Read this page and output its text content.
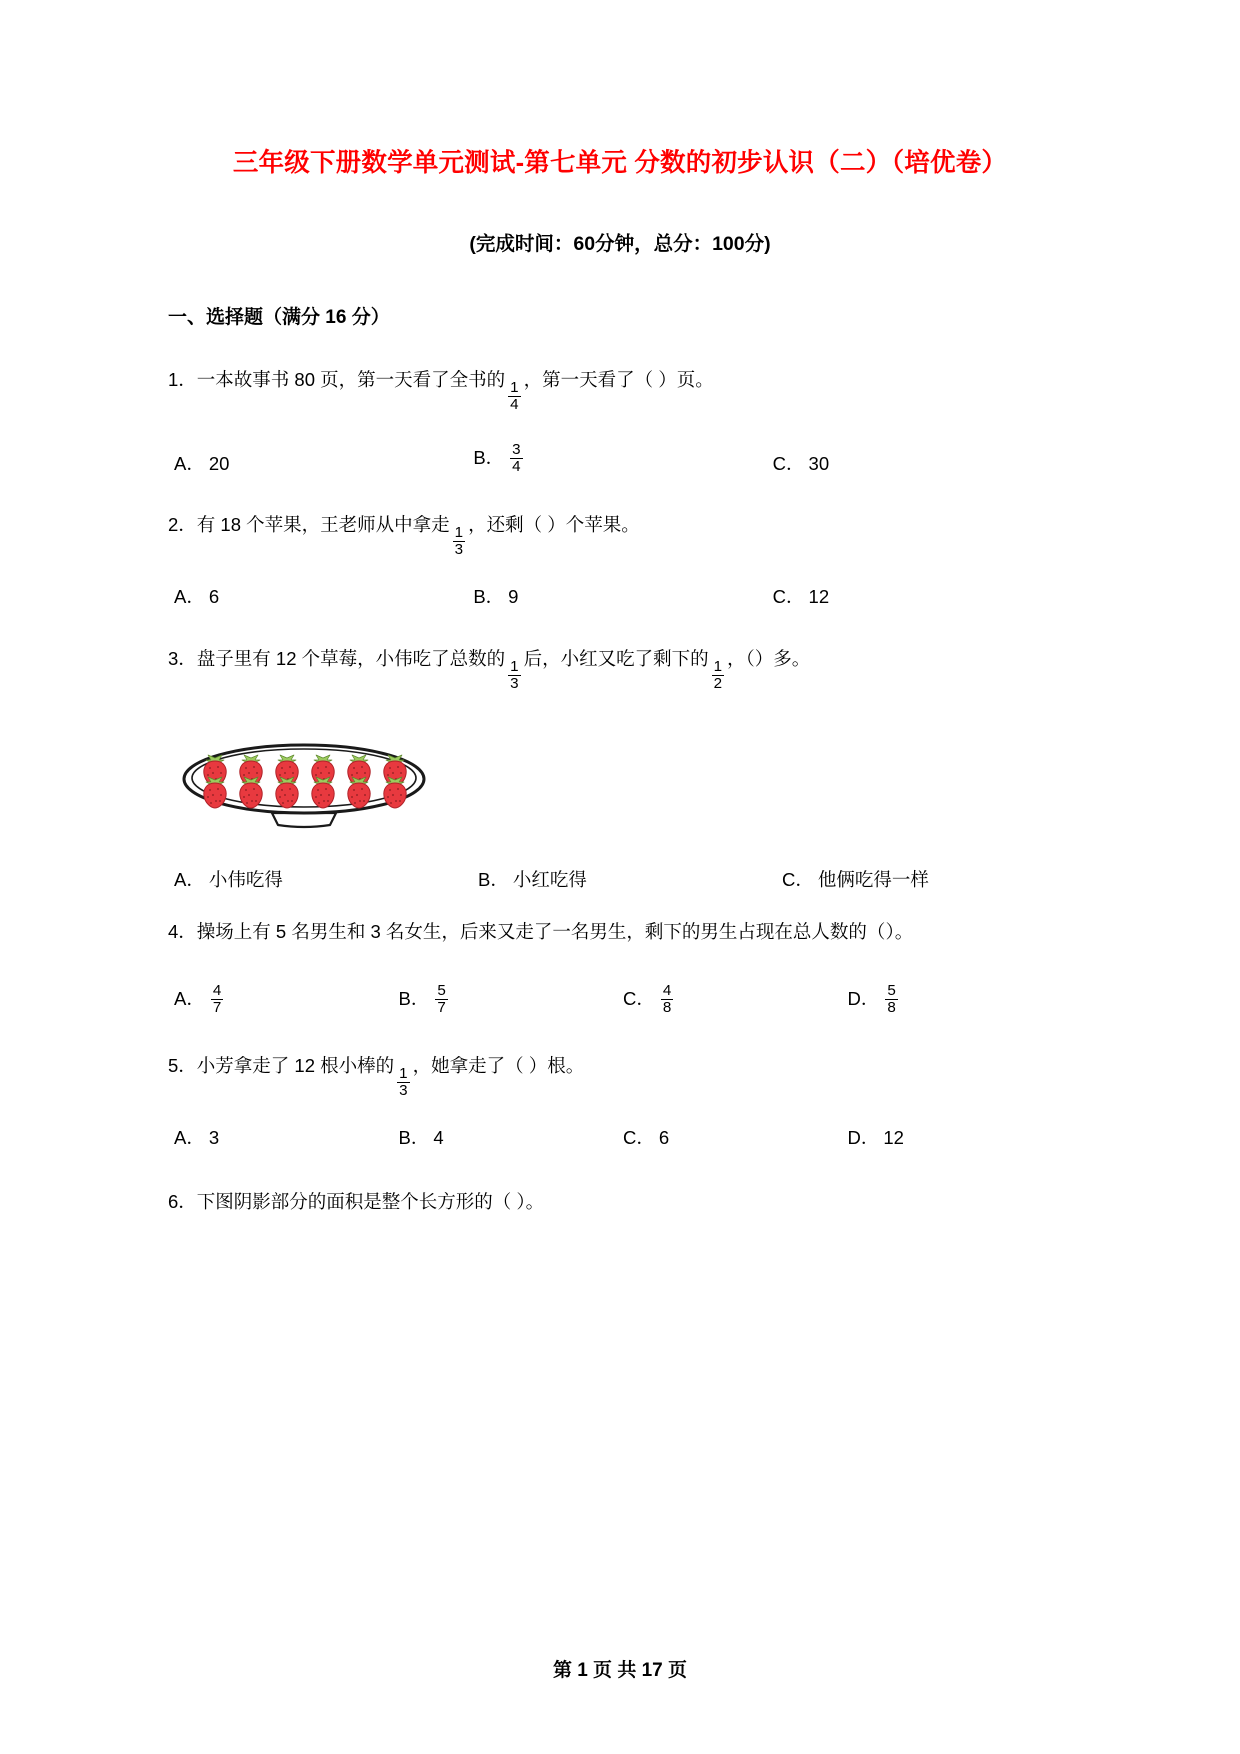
三年级下册数学单元测试-第七单元 分数的初步认识（二）（培优卷）

(完成时间：60分钟，总分：100分)

一、选择题（满分 16 分）
1．一本故事书 80 页，第一天看了全书的
$\frac{1}{4}$
，第一天看了（ ）页。
A． 20	B． $\frac{3}{4}$	C． 30
2．有 18 个苹果，王老师从中拿走
$\frac{1}{3}$
，还剩（ ）个苹果。
A． 6	B． 9	C． 12
3．盘子里有 12 个草莓，小伟吃了总数的
$\frac{1}{3}$
后，小红又吃了剩下的
$\frac{1}{2}$
，（）多。
A． 小伟吃得	B． 小红吃得	C． 他俩吃得一样
4．操场上有 5 名男生和 3 名女生，后来又走了一名男生，剩下的男生占现在总人数的（）。
A． $\frac{4}{7}$	B． $\frac{5}{7}$	C． $\frac{4}{8}$	D． $\frac{5}{8}$
5．小芳拿走了 12 根小棒的
$\frac{1}{3}$
，她拿走了（ ）根。
A． 3	B． 4	C． 6	D． 12
6．下图阴影部分的面积是整个长方形的（ ）。
第 1 页 共 17 页
